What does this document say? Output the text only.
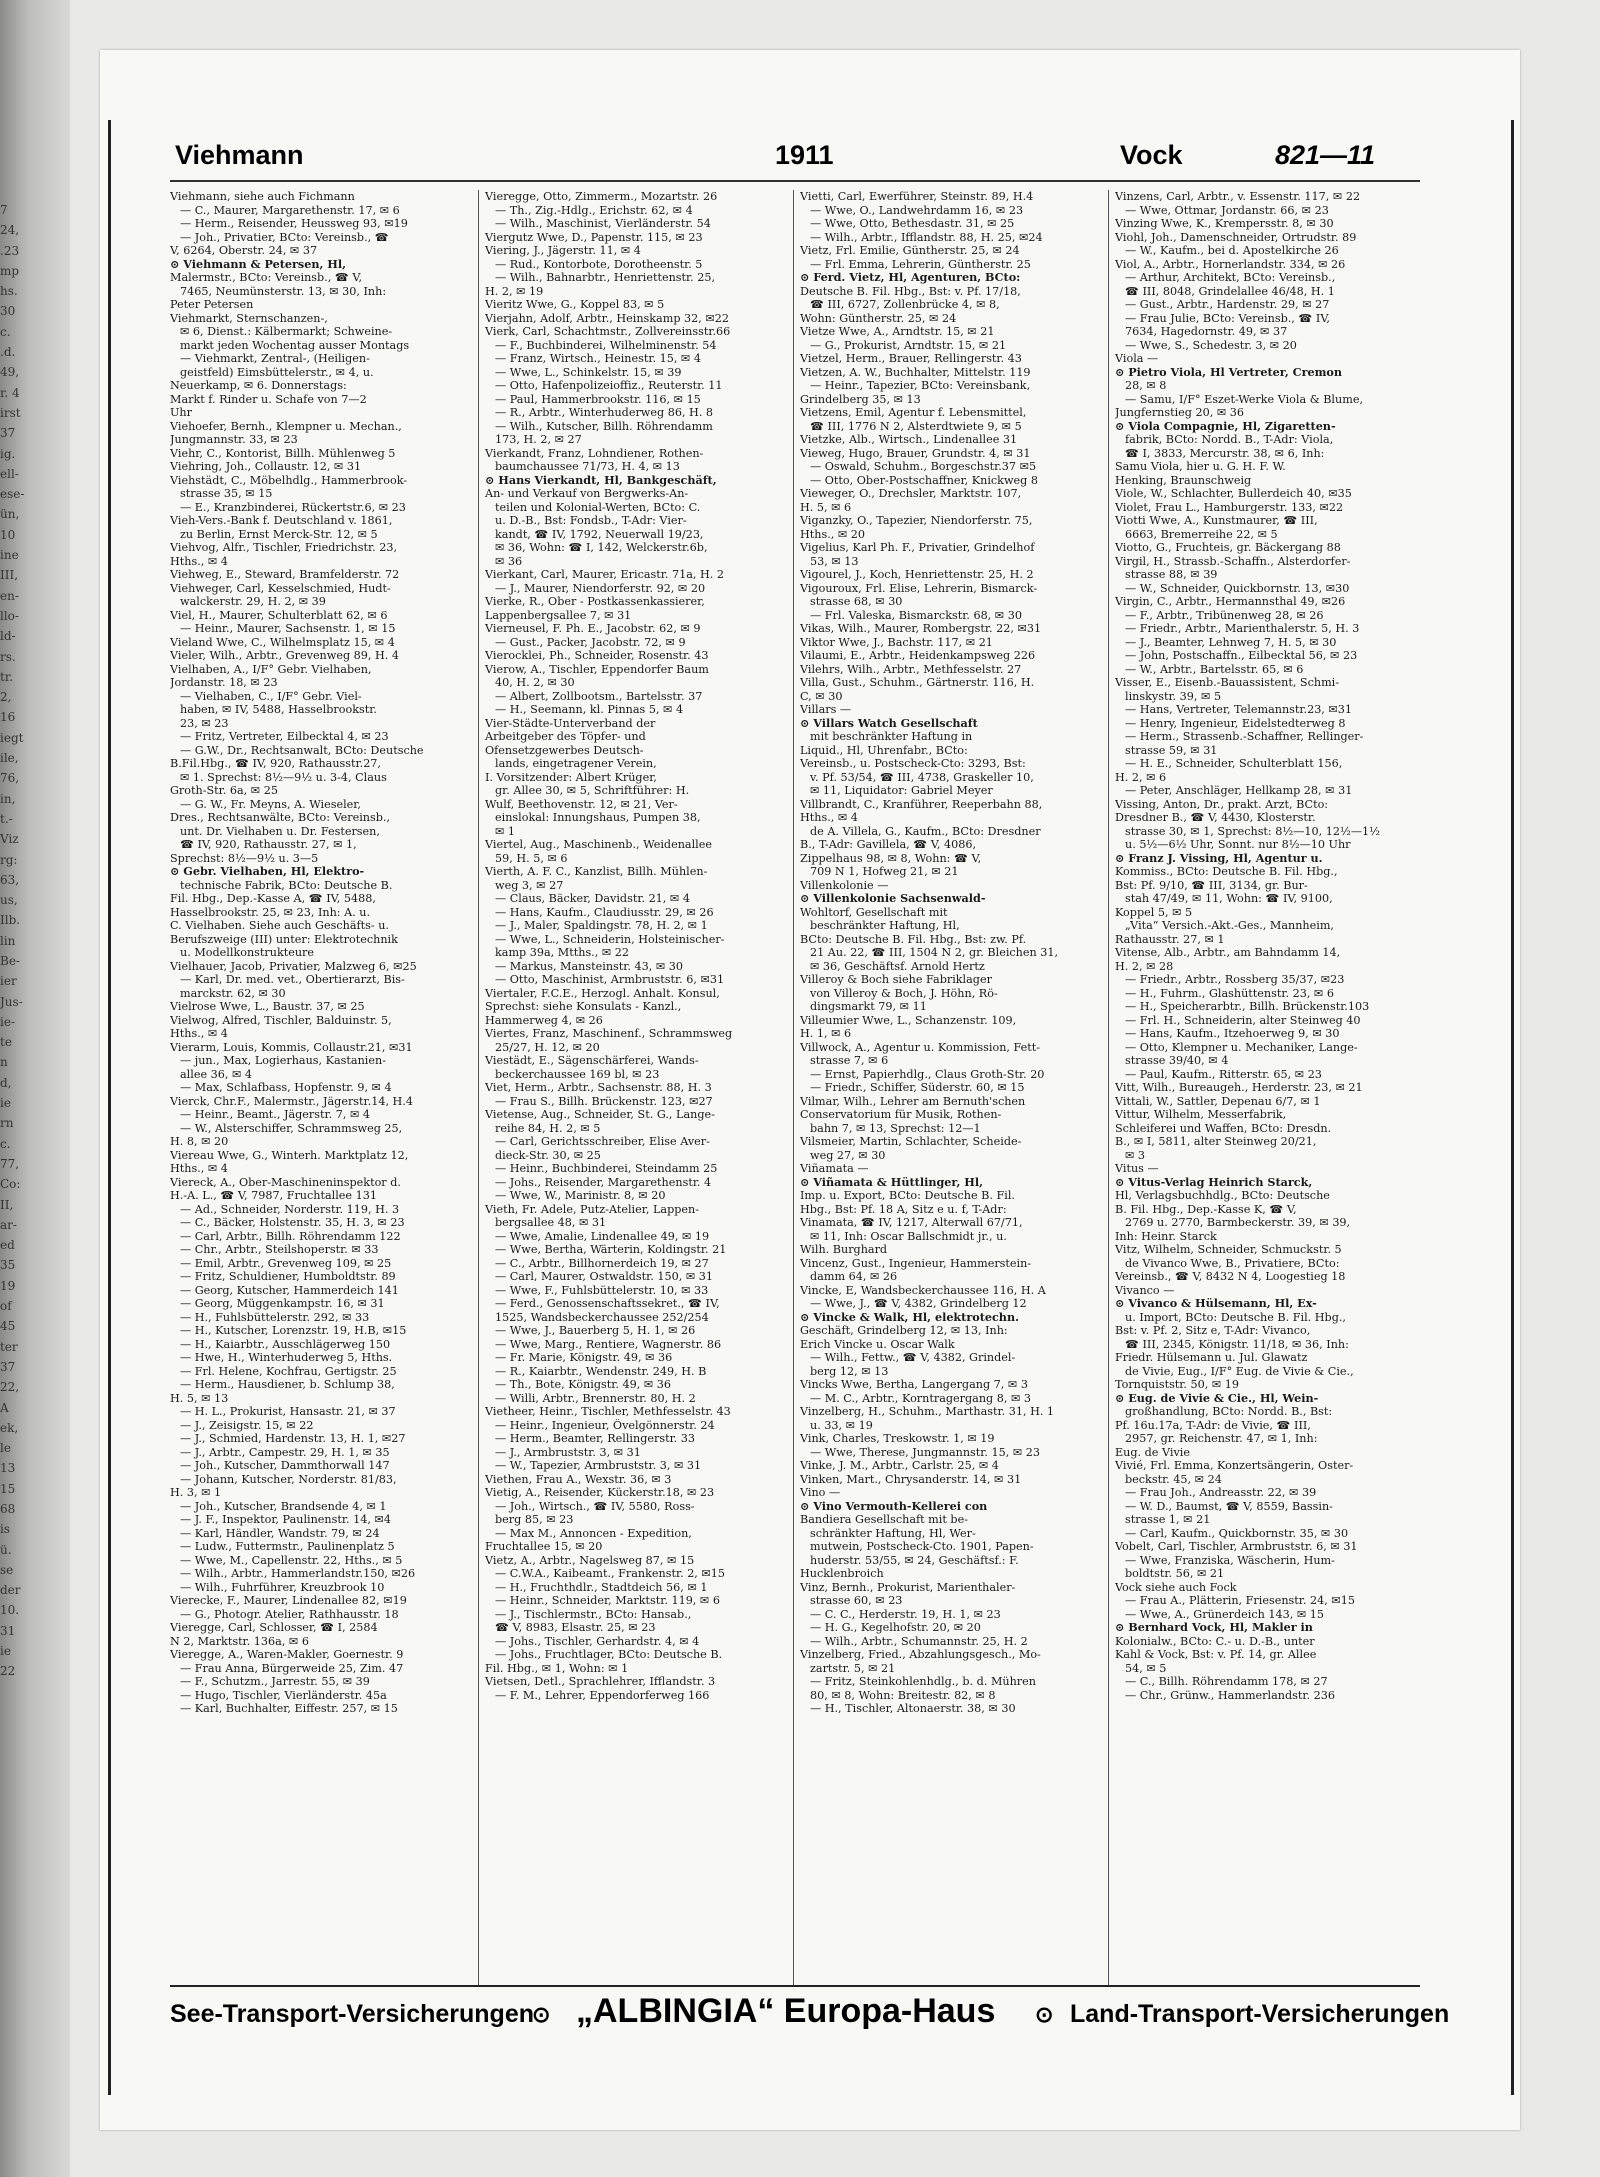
7
24,
.23
mp
hs.
30
c.
.d.
49,
r. 4
irst
37
ig.
ell-
ese-
ün,
10
ine
III,
en-
llo-
ld-
rs.
tr.
2,
16
iegt
ile,
76,
in,
t.-
Viz
rg:
63,
us,
Ilb.
lin
Be-
ier
Jus-
ie-
te
n
d,
ie
rn
c.
77,
Co:
II,
ar-
ed
35
19
of
45
ter
37
22,
A
ek,
le
13
15
68
is
ü.
se
der
10.
31
ie
22
Viehmann	1911	Vock	821—11
Viehmann, siehe auch Fichmann
— C., Maurer, Margarethenstr. 17, ✉ 6
— Herm., Reisender, Heussweg 93, ✉19
— Joh., Privatier, BCto: Vereinsb., ☎
V, 6264, Oberstr. 24, ✉ 37
⊙ Viehmann & Petersen, Hl,
Malermstr., BCto: Vereinsb., ☎ V,
7465, Neumünsterstr. 13, ✉ 30, Inh:
Peter Petersen
Viehmarkt, Sternschanzen-,
✉ 6, Dienst.: Kälbermarkt; Schweine-
markt jeden Wochentag ausser Montags
— Viehmarkt, Zentral-, (Heiligen-
geistfeld) Eimsbüttelerstr., ✉ 4, u.
Neuerkamp, ✉ 6. Donnerstags:
Markt f. Rinder u. Schafe von 7—2
Uhr
Viehoefer, Bernh., Klempner u. Mechan.,
Jungmannstr. 33, ✉ 23
Viehr, C., Kontorist, Billh. Mühlenweg 5
Viehring, Joh., Collaustr. 12, ✉ 31
Viehstädt, C., Möbelhdlg., Hammerbrook-
strasse 35, ✉ 15
— E., Kranzbinderei, Rückertstr.6, ✉ 23
Vieh-Vers.-Bank f. Deutschland v. 1861,
zu Berlin, Ernst Merck-Str. 12, ✉ 5
Viehvog, Alfr., Tischler, Friedrichstr. 23,
Hths., ✉ 4
Viehweg, E., Steward, Bramfelderstr. 72
Viehweger, Carl, Kesselschmied, Hudt-
walckerstr. 29, H. 2, ✉ 39
Viel, H., Maurer, Schulterblatt 62, ✉ 6
— Heinr., Maurer, Sachsenstr. 1, ✉ 15
Vieland Wwe, C., Wilhelmsplatz 15, ✉ 4
Vieler, Wilh., Arbtr., Grevenweg 89, H. 4
Vielhaben, A., I/F° Gebr. Vielhaben,
Jordanstr. 18, ✉ 23
— Vielhaben, C., I/F° Gebr. Viel-
haben, ✉ IV, 5488, Hasselbrookstr.
23, ✉ 23
— Fritz, Vertreter, Eilbecktal 4, ✉ 23
— G.W., Dr., Rechtsanwalt, BCto: Deutsche
B.Fil.Hbg., ☎ IV, 920, Rathausstr.27,
✉ 1. Sprechst: 8½—9½ u. 3-4, Claus
Groth-Str. 6a, ✉ 25
— G. W., Fr. Meyns, A. Wieseler,
Dres., Rechtsanwälte, BCto: Vereinsb.,
unt. Dr. Vielhaben u. Dr. Festersen,
☎ IV, 920, Rathausstr. 27, ✉ 1,
Sprechst: 8½—9½ u. 3—5
⊙ Gebr. Vielhaben, Hl, Elektro-
technische Fabrik, BCto: Deutsche B.
Fil. Hbg., Dep.-Kasse A, ☎ IV, 5488,
Hasselbrookstr. 25, ✉ 23, Inh: A. u.
C. Vielhaben. Siehe auch Geschäfts- u.
Berufszweige (III) unter: Elektrotechnik
u. Modellkonstrukteure
Vielhauer, Jacob, Privatier, Malzweg 6, ✉25
— Karl, Dr. med. vet., Obertierarzt, Bis-
marckstr. 62, ✉ 30
Vielrose Wwe, L., Baustr. 37, ✉ 25
Vielwog, Alfred, Tischler, Balduinstr. 5,
Hths., ✉ 4
Vierarm, Louis, Kommis, Collaustr.21, ✉31
— jun., Max, Logierhaus, Kastanien-
allee 36, ✉ 4
— Max, Schlafbass, Hopfenstr. 9, ✉ 4
Vierck, Chr.F., Malermstr., Jägerstr.14, H.4
— Heinr., Beamt., Jägerstr. 7, ✉ 4
— W., Alsterschiffer, Schrammsweg 25,
H. 8, ✉ 20
Viereau Wwe, G., Winterh. Marktplatz 12,
Hths., ✉ 4
Viereck, A., Ober-Maschineninspektor d.
H.-A. L., ☎ V, 7987, Fruchtallee 131
— Ad., Schneider, Norderstr. 119, H. 3
— C., Bäcker, Holstenstr. 35, H. 3, ✉ 23
— Carl, Arbtr., Billh. Röhrendamm 122
— Chr., Arbtr., Steilshoperstr. ✉ 33
— Emil, Arbtr., Grevenweg 109, ✉ 25
— Fritz, Schuldiener, Humboldtstr. 89
— Georg, Kutscher, Hammerdeich 141
— Georg, Müggenkampstr. 16, ✉ 31
— H., Fuhlsbüttelerstr. 292, ✉ 33
— H., Kutscher, Lorenzstr. 19, H.B, ✉15
— H., Kaiarbtr., Ausschlägerweg 150
— Hwe, H., Winterhuderweg 5, Hths.
— Frl. Helene, Kochfrau, Gertigstr. 25
— Herm., Hausdiener, b. Schlump 38,
H. 5, ✉ 13
— H. L., Prokurist, Hansastr. 21, ✉ 37
— J., Zeisigstr. 15, ✉ 22
— J., Schmied, Hardenstr. 13, H. 1, ✉27
— J., Arbtr., Campestr. 29, H. 1, ✉ 35
— Joh., Kutscher, Dammthorwall 147
— Johann, Kutscher, Norderstr. 81/83,
H. 3, ✉ 1
— Joh., Kutscher, Brandsende 4, ✉ 1
— J. F., Inspektor, Paulinenstr. 14, ✉4
— Karl, Händler, Wandstr. 79, ✉ 24
— Ludw., Futtermstr., Paulinenplatz 5
— Wwe, M., Capellenstr. 22, Hths., ✉ 5
— Wilh., Arbtr., Hammerlandstr.150, ✉26
— Wilh., Fuhrführer, Kreuzbrook 10
Vierecke, F., Maurer, Lindenallee 82, ✉19
— G., Photogr. Atelier, Rathhausstr. 18
Vieregge, Carl, Schlosser, ☎ I, 2584
N 2, Marktstr. 136a, ✉ 6
Vieregge, A., Waren-Makler, Goernestr. 9
— Frau Anna, Bürgerweide 25, Zim. 47
— F., Schutzm., Jarrestr. 55, ✉ 39
— Hugo, Tischler, Vierländerstr. 45a
— Karl, Buchhalter, Eiffestr. 257, ✉ 15
Vieregge, Otto, Zimmerm., Mozartstr. 26
— Th., Zig.-Hdlg., Erichstr. 62, ✉ 4
— Wilh., Maschinist, Vierländerstr. 54
Viergutz Wwe, D., Papenstr. 115, ✉ 23
Viering, J., Jägerstr. 11, ✉ 4
— Rud., Kontorbote, Dorotheenstr. 5
— Wilh., Bahnarbtr., Henriettenstr. 25,
H. 2, ✉ 19
Vieritz Wwe, G., Koppel 83, ✉ 5
Vierjahn, Adolf, Arbtr., Heinskamp 32, ✉22
Vierk, Carl, Schachtmstr., Zollvereinsstr.66
— F., Buchbinderei, Wilhelminenstr. 54
— Franz, Wirtsch., Heinestr. 15, ✉ 4
— Wwe, L., Schinkelstr. 15, ✉ 39
— Otto, Hafenpolizeioffiz., Reuterstr. 11
— Paul, Hammerbrookstr. 116, ✉ 15
— R., Arbtr., Winterhuderweg 86, H. 8
— Wilh., Kutscher, Billh. Röhrendamm
173, H. 2, ✉ 27
Vierkandt, Franz, Lohndiener, Rothen-
baumchaussee 71/73, H. 4, ✉ 13
⊙ Hans Vierkandt, Hl, Bankgeschäft,
An- und Verkauf von Bergwerks-An-
teilen und Kolonial-Werten, BCto: C.
u. D.-B., Bst: Fondsb., T-Adr: Vier-
kandt, ☎ IV, 1792, Neuerwall 19/23,
✉ 36, Wohn: ☎ I, 142, Welckerstr.6b,
✉ 36
Vierkant, Carl, Maurer, Ericastr. 71a, H. 2
— J., Maurer, Niendorferstr. 92, ✉ 20
Vierke, R., Ober - Postkassenkassierer,
Lappenbergsallee 7, ✉ 31
Vierneusel, F. Ph. E., Jacobstr. 62, ✉ 9
— Gust., Packer, Jacobstr. 72, ✉ 9
Vierocklei, Ph., Schneider, Rosenstr. 43
Vierow, A., Tischler, Eppendorfer Baum
40, H. 2, ✉ 30
— Albert, Zollbootsm., Bartelsstr. 37
— H., Seemann, kl. Pinnas 5, ✉ 4
Vier-Städte-Unterverband der
Arbeitgeber des Töpfer- und
Ofensetzgewerbes Deutsch-
lands, eingetragener Verein,
I. Vorsitzender: Albert Krüger,
gr. Allee 30, ✉ 5, Schriftführer: H.
Wulf, Beethovenstr. 12, ✉ 21, Ver-
einslokal: Innungshaus, Pumpen 38,
✉ 1
Viertel, Aug., Maschinenb., Weidenallee
59, H. 5, ✉ 6
Vierth, A. F. C., Kanzlist, Billh. Mühlen-
weg 3, ✉ 27
— Claus, Bäcker, Davidstr. 21, ✉ 4
— Hans, Kaufm., Claudiusstr. 29, ✉ 26
— J., Maler, Spaldingstr. 78, H. 2, ✉ 1
— Wwe, L., Schneiderin, Holsteinischer-
kamp 39a, Mtths., ✉ 22
— Markus, Mansteinstr. 43, ✉ 30
— Otto, Maschinist, Armbruststr. 6, ✉31
Viertaler, F.C.E., Herzogl. Anhalt. Konsul,
Sprechst: siehe Konsulats - Kanzl.,
Hammerweg 4, ✉ 26
Viertes, Franz, Maschinenf., Schrammsweg
25/27, H. 12, ✉ 20
Viestädt, E., Sägenschärferei, Wands-
beckerchaussee 169 bl, ✉ 23
Viet, Herm., Arbtr., Sachsenstr. 88, H. 3
— Frau S., Billh. Brückenstr. 123, ✉27
Vietense, Aug., Schneider, St. G., Lange-
reihe 84, H. 2, ✉ 5
— Carl, Gerichtsschreiber, Elise Aver-
dieck-Str. 30, ✉ 25
— Heinr., Buchbinderei, Steindamm 25
— Johs., Reisender, Margarethenstr. 4
— Wwe, W., Marinistr. 8, ✉ 20
Vieth, Fr. Adele, Putz-Atelier, Lappen-
bergsallee 48, ✉ 31
— Wwe, Amalie, Lindenallee 49, ✉ 19
— Wwe, Bertha, Wärterin, Koldingstr. 21
— C., Arbtr., Billhornerdeich 19, ✉ 27
— Carl, Maurer, Ostwaldstr. 150, ✉ 31
— Wwe, F., Fuhlsbüttelerstr. 10, ✉ 33
— Ferd., Genossenschaftssekret., ☎ IV,
1525, Wandsbeckerchaussee 252/254
— Wwe, J., Bauerberg 5, H. 1, ✉ 26
— Wwe, Marg., Rentiere, Wagnerstr. 86
— Fr. Marie, Königstr. 49, ✉ 36
— R., Kaiarbtr., Wendenstr. 249, H. B
— Th., Bote, Königstr. 49, ✉ 36
— Willi, Arbtr., Brennerstr. 80, H. 2
Vietheer, Heinr., Tischler, Methfesselstr. 43
— Heinr., Ingenieur, Övelgönnerstr. 24
— Herm., Beamter, Rellingerstr. 33
— J., Armbruststr. 3, ✉ 31
— W., Tapezier, Armbruststr. 3, ✉ 31
Viethen, Frau A., Wexstr. 36, ✉ 3
Vietig, A., Reisender, Kückerstr.18, ✉ 23
— Joh., Wirtsch., ☎ IV, 5580, Ross-
berg 85, ✉ 23
— Max M., Annoncen - Expedition,
Fruchtallee 15, ✉ 20
Vietz, A., Arbtr., Nagelsweg 87, ✉ 15
— C.W.A., Kaibeamt., Frankenstr. 2, ✉15
— H., Fruchthdlr., Stadtdeich 56, ✉ 1
— Heinr., Schneider, Marktstr. 119, ✉ 6
— J., Tischlermstr., BCto: Hansab.,
☎ V, 8983, Elsastr. 25, ✉ 23
— Johs., Tischler, Gerhardstr. 4, ✉ 4
— Johs., Fruchtlager, BCto: Deutsche B.
Fil. Hbg., ✉ 1, Wohn: ✉ 1
Vietsen, Detl., Sprachlehrer, Ifflandstr. 3
— F. M., Lehrer, Eppendorferweg 166
Vietti, Carl, Ewerführer, Steinstr. 89, H.4
— Wwe, O., Landwehrdamm 16, ✉ 23
— Wwe, Otto, Bethesdastr. 31, ✉ 25
— Wilh., Arbtr., Ifflandstr. 88, H. 25, ✉24
Vietz, Frl. Emilie, Güntherstr. 25, ✉ 24
— Frl. Emma, Lehrerin, Güntherstr. 25
⊙ Ferd. Vietz, Hl, Agenturen, BCto:
Deutsche B. Fil. Hbg., Bst: v. Pf. 17/18,
☎ III, 6727, Zollenbrücke 4, ✉ 8,
Wohn: Güntherstr. 25, ✉ 24
Vietze Wwe, A., Arndtstr. 15, ✉ 21
— G., Prokurist, Arndtstr. 15, ✉ 21
Vietzel, Herm., Brauer, Rellingerstr. 43
Vietzen, A. W., Buchhalter, Mittelstr. 119
— Heinr., Tapezier, BCto: Vereinsbank,
Grindelberg 35, ✉ 13
Vietzens, Emil, Agentur f. Lebensmittel,
☎ III, 1776 N 2, Alsterdtwiete 9, ✉ 5
Vietzke, Alb., Wirtsch., Lindenallee 31
Vieweg, Hugo, Brauer, Grundstr. 4, ✉ 31
— Oswald, Schuhm., Borgeschstr.37 ✉5
— Otto, Ober-Postschaffner, Knickweg 8
Vieweger, O., Drechsler, Marktstr. 107,
H. 5, ✉ 6
Viganzky, O., Tapezier, Niendorferstr. 75,
Hths., ✉ 20
Vigelius, Karl Ph. F., Privatier, Grindelhof
53, ✉ 13
Vigourel, J., Koch, Henriettenstr. 25, H. 2
Vigouroux, Frl. Elise, Lehrerin, Bismarck-
strasse 68, ✉ 30
— Frl. Valeska, Bismarckstr. 68, ✉ 30
Vikas, Wilh., Maurer, Rombergstr. 22, ✉31
Viktor Wwe, J., Bachstr. 117, ✉ 21
Vilaumi, E., Arbtr., Heidenkampsweg 226
Vilehrs, Wilh., Arbtr., Methfesselstr. 27
Villa, Gust., Schuhm., Gärtnerstr. 116, H.
C, ✉ 30
Villars —
⊙ Villars Watch Gesellschaft
mit beschränkter Haftung in
Liquid., Hl, Uhrenfabr., BCto:
Vereinsb., u. Postscheck-Cto: 3293, Bst:
v. Pf. 53/54, ☎ III, 4738, Graskeller 10,
✉ 11, Liquidator: Gabriel Meyer
Villbrandt, C., Kranführer, Reeperbahn 88,
Hths., ✉ 4
de A. Villela, G., Kaufm., BCto: Dresdner
B., T-Adr: Gavillela, ☎ V, 4086,
Zippelhaus 98, ✉ 8, Wohn: ☎ V,
709 N 1, Hofweg 21, ✉ 21
Villenkolonie —
⊙ Villenkolonie Sachsenwald-
Wohltorf, Gesellschaft mit
beschränkter Haftung, Hl,
BCto: Deutsche B. Fil. Hbg., Bst: zw. Pf.
21 Au. 22, ☎ III, 1504 N 2, gr. Bleichen 31,
✉ 36, Geschäftsf. Arnold Hertz
Villeroy & Boch siehe Fabriklager
von Villeroy & Boch, J. Höhn, Rö-
dingsmarkt 79, ✉ 11
Villeumier Wwe, L., Schanzenstr. 109,
H. 1, ✉ 6
Villwock, A., Agentur u. Kommission, Fett-
strasse 7, ✉ 6
— Ernst, Papierhdlg., Claus Groth-Str. 20
— Friedr., Schiffer, Süderstr. 60, ✉ 15
Vilmar, Wilh., Lehrer am Bernuth'schen
Conservatorium für Musik, Rothen-
bahn 7, ✉ 13, Sprechst: 12—1
Vilsmeier, Martin, Schlachter, Scheide-
weg 27, ✉ 30
Viñamata —
⊙ Viñamata & Hüttlinger, Hl,
Imp. u. Export, BCto: Deutsche B. Fil.
Hbg., Bst: Pf. 18 A, Sitz e u. f, T-Adr:
Vinamata, ☎ IV, 1217, Alterwall 67/71,
✉ 11, Inh: Oscar Ballschmidt jr., u.
Wilh. Burghard
Vincenz, Gust., Ingenieur, Hammerstein-
damm 64, ✉ 26
Vincke, E, Wandsbeckerchaussee 116, H. A
— Wwe, J., ☎ V, 4382, Grindelberg 12
⊙ Vincke & Walk, Hl, elektrotechn.
Geschäft, Grindelberg 12, ✉ 13, Inh:
Erich Vincke u. Oscar Walk
— Wilh., Fettw., ☎ V, 4382, Grindel-
berg 12, ✉ 13
Vincks Wwe, Bertha, Langergang 7, ✉ 3
— M. C., Arbtr., Korntragergang 8, ✉ 3
Vinzelberg, H., Schuhm., Marthastr. 31, H. 1
u. 33, ✉ 19
Vink, Charles, Treskowstr. 1, ✉ 19
— Wwe, Therese, Jungmannstr. 15, ✉ 23
Vinke, J. M., Arbtr., Carlstr. 25, ✉ 4
Vinken, Mart., Chrysanderstr. 14, ✉ 31
Vino —
⊙ Vino Vermouth-Kellerei con
Bandiera Gesellschaft mit be-
schränkter Haftung, Hl, Wer-
mutwein, Postscheck-Cto. 1901, Papen-
huderstr. 53/55, ✉ 24, Geschäftsf.: F.
Hucklenbroich
Vinz, Bernh., Prokurist, Marienthaler-
strasse 60, ✉ 23
— C. C., Herderstr. 19, H. 1, ✉ 23
— H. G., Kegelhofstr. 20, ✉ 20
— Wilh., Arbtr., Schumannstr. 25, H. 2
Vinzelberg, Fried., Abzahlungsgesch., Mo-
zartstr. 5, ✉ 21
— Fritz, Steinkohlenhdlg., b. d. Mühren
80, ✉ 8, Wohn: Breitestr. 82, ✉ 8
— H., Tischler, Altonaerstr. 38, ✉ 30
Vinzens, Carl, Arbtr., v. Essenstr. 117, ✉ 22
— Wwe, Ottmar, Jordanstr. 66, ✉ 23
Vinzing Wwe, K., Krempersstr. 8, ✉ 30
Viohl, Joh., Damenschneider, Ortrudstr. 89
— W., Kaufm., bei d. Apostelkirche 26
Viol, A., Arbtr., Hornerlandstr. 334, ✉ 26
— Arthur, Architekt, BCto: Vereinsb.,
☎ III, 8048, Grindelallee 46/48, H. 1
— Gust., Arbtr., Hardenstr. 29, ✉ 27
— Frau Julie, BCto: Vereinsb., ☎ IV,
7634, Hagedornstr. 49, ✉ 37
— Wwe, S., Schedestr. 3, ✉ 20
Viola —
⊙ Pietro Viola, Hl Vertreter, Cremon
28, ✉ 8
— Samu, I/F° Eszet-Werke Viola & Blume,
Jungfernstieg 20, ✉ 36
⊙ Viola Compagnie, Hl, Zigaretten-
fabrik, BCto: Nordd. B., T-Adr: Viola,
☎ I, 3833, Mercurstr. 38, ✉ 6, Inh:
Samu Viola, hier u. G. H. F. W.
Henking, Braunschweig
Viole, W., Schlachter, Bullerdeich 40, ✉35
Violet, Frau L., Hamburgerstr. 133, ✉22
Viotti Wwe, A., Kunstmaurer, ☎ III,
6663, Bremerreihe 22, ✉ 5
Viotto, G., Fruchteis, gr. Bäckergang 88
Virgil, H., Strassb.-Schaffn., Alsterdorfer-
strasse 88, ✉ 39
— W., Schneider, Quickbornstr. 13, ✉30
Virgin, C., Arbtr., Hermannsthal 49, ✉26
— F., Arbtr., Tribünenweg 28, ✉ 26
— Friedr., Arbtr., Marienthalerstr. 5, H. 3
— J., Beamter, Lehnweg 7, H. 5, ✉ 30
— John, Postschaffn., Eilbecktal 56, ✉ 23
— W., Arbtr., Bartelsstr. 65, ✉ 6
Visser, E., Eisenb.-Bauassistent, Schmi-
linskystr. 39, ✉ 5
— Hans, Vertreter, Telemannstr.23, ✉31
— Henry, Ingenieur, Eidelstedterweg 8
— Herm., Strassenb.-Schaffner, Rellinger-
strasse 59, ✉ 31
— H. E., Schneider, Schulterblatt 156,
H. 2, ✉ 6
— Peter, Anschläger, Hellkamp 28, ✉ 31
Vissing, Anton, Dr., prakt. Arzt, BCto:
Dresdner B., ☎ V, 4430, Klosterstr.
strasse 30, ✉ 1, Sprechst: 8½—10, 12½—1½
u. 5½—6½ Uhr, Sonnt. nur 8½—10 Uhr
⊙ Franz J. Vissing, Hl, Agentur u.
Kommiss., BCto: Deutsche B. Fil. Hbg.,
Bst: Pf. 9/10, ☎ III, 3134, gr. Bur-
stah 47/49, ✉ 11, Wohn: ☎ IV, 9100,
Koppel 5, ✉ 5
„Vita“ Versich.-Akt.-Ges., Mannheim,
Rathausstr. 27, ✉ 1
Vitense, Alb., Arbtr., am Bahndamm 14,
H. 2, ✉ 28
— Friedr., Arbtr., Rossberg 35/37, ✉23
— H., Fuhrm., Glashüttenstr. 23, ✉ 6
— H., Speicherarbtr., Billh. Brückenstr.103
— Frl. H., Schneiderin, alter Steinweg 40
— Hans, Kaufm., Itzehoerweg 9, ✉ 30
— Otto, Klempner u. Mechaniker, Lange-
strasse 39/40, ✉ 4
— Paul, Kaufm., Ritterstr. 65, ✉ 23
Vitt, Wilh., Bureaugeh., Herderstr. 23, ✉ 21
Vittali, W., Sattler, Depenau 6/7, ✉ 1
Vittur, Wilhelm, Messerfabrik,
Schleiferei und Waffen, BCto: Dresdn.
B., ✉ I, 5811, alter Steinweg 20/21,
✉ 3
Vitus —
⊙ Vitus-Verlag Heinrich Starck,
Hl, Verlagsbuchhdlg., BCto: Deutsche
B. Fil. Hbg., Dep.-Kasse K, ☎ V,
2769 u. 2770, Barmbeckerstr. 39, ✉ 39,
Inh: Heinr. Starck
Vitz, Wilhelm, Schneider, Schmuckstr. 5
de Vivanco Wwe, B., Privatiere, BCto:
Vereinsb., ☎ V, 8432 N 4, Loogestieg 18
Vivanco —
⊙ Vivanco & Hülsemann, Hl, Ex-
u. Import, BCto: Deutsche B. Fil. Hbg.,
Bst: v. Pf. 2, Sitz e, T-Adr: Vivanco,
☎ III, 2345, Königstr. 11/18, ✉ 36, Inh:
Friedr. Hülsemann u. Jul. Glawatz
de Vivie, Eug., I/F° Eug. de Vivie & Cie.,
Tornquiststr. 50, ✉ 19
⊙ Eug. de Vivie & Cie., Hl, Wein-
großhandlung, BCto: Nordd. B., Bst:
Pf. 16u.17a, T-Adr: de Vivie, ☎ III,
2957, gr. Reichenstr. 47, ✉ 1, Inh:
Eug. de Vivie
Vivié, Frl. Emma, Konzertsängerin, Oster-
beckstr. 45, ✉ 24
— Frau Joh., Andreasstr. 22, ✉ 39
— W. D., Baumst, ☎ V, 8559, Bassin-
strasse 1, ✉ 21
— Carl, Kaufm., Quickbornstr. 35, ✉ 30
Vobelt, Carl, Tischler, Armbruststr. 6, ✉ 31
— Wwe, Franziska, Wäscherin, Hum-
boldtstr. 56, ✉ 21
Vock siehe auch Fock
— Frau A., Plätterin, Friesenstr. 24, ✉15
— Wwe, A., Grünerdeich 143, ✉ 15
⊙ Bernhard Vock, Hl, Makler in
Kolonialw., BCto: C.- u. D.-B., unter
Kahl & Vock, Bst: v. Pf. 14, gr. Allee
54, ✉ 5
— C., Billh. Röhrendamm 178, ✉ 27
— Chr., Grünw., Hammerlandstr. 236
See-Transport-Versicherungen
⊙ „ALBINGIA“ Europa-Haus ⊙ Land-Transport-Versicherungen
